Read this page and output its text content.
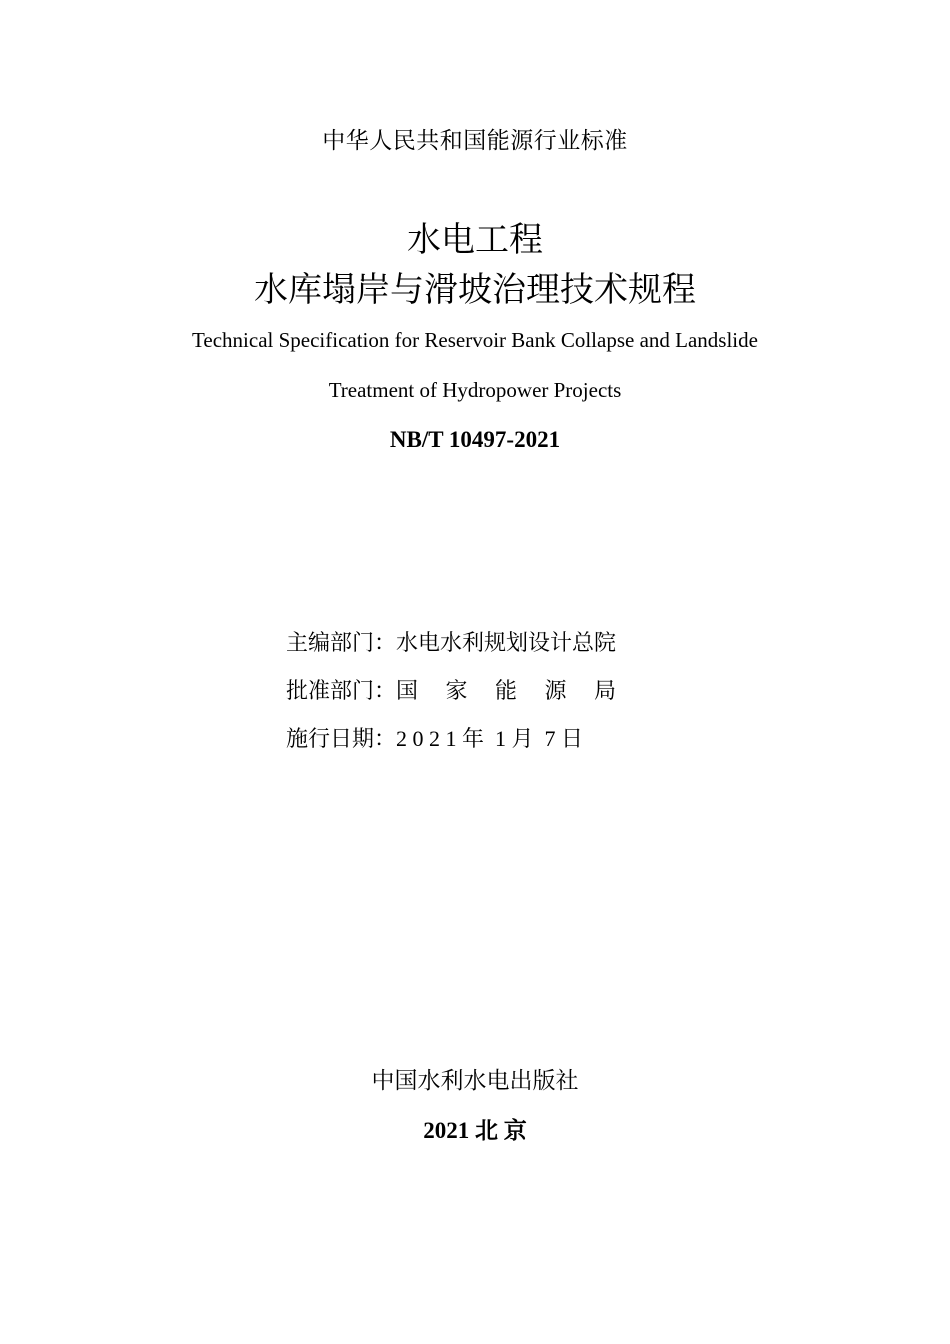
中华人民共和国能源行业标准
水电工程
水库塌岸与滑坡治理技术规程
Technical Specification for Reservoir Bank Collapse and Landslide
Treatment of Hydropower Projects
NB/T 10497-2021
主编部门：水电水利规划设计总院
批准部门：国　 家　 能　 源　 局
施行日期：2 0 2 1 年  1 月  7 日
中国水利水电出版社
2021 北 京
